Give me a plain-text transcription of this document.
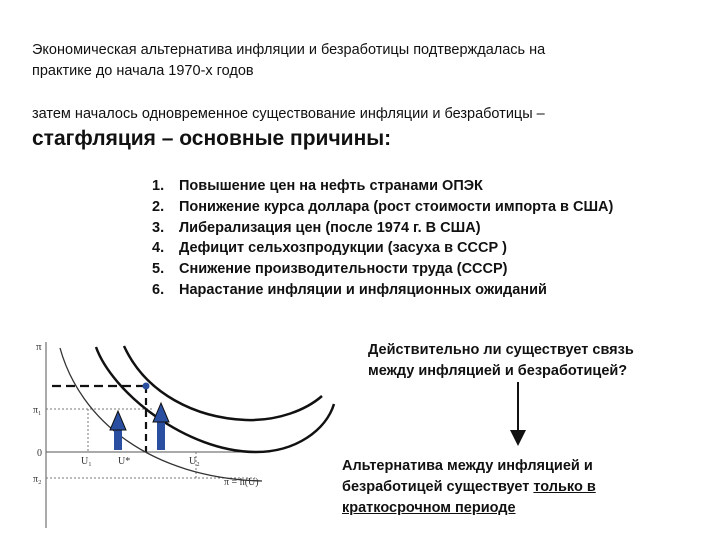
Экономическая альтернатива инфляции и безработицы подтверждалась на
практике до начала 1970-х годов
затем началось одновременное существование инфляции и безработицы –
стагфляция – основные причины:
1.	Повышение цен на нефть странами ОПЭК
2.	Понижение курса доллара (рост стоимости импорта в США)
3.	Либерализация цен (после 1974 г. В США)
4.	Дефицит сельхозпродукции (засуха в СССР )
5.	Снижение производительности труда (СССР)
6.	Нарастание инфляции и инфляционных ожиданий
π
π₁
0
π₂
U₁	U*	U₂
π = h(U)
Действительно ли существует связь
между инфляцией и безработицей?
Альтернатива между инфляцией и
безработицей существует только в
краткосрочном периоде
